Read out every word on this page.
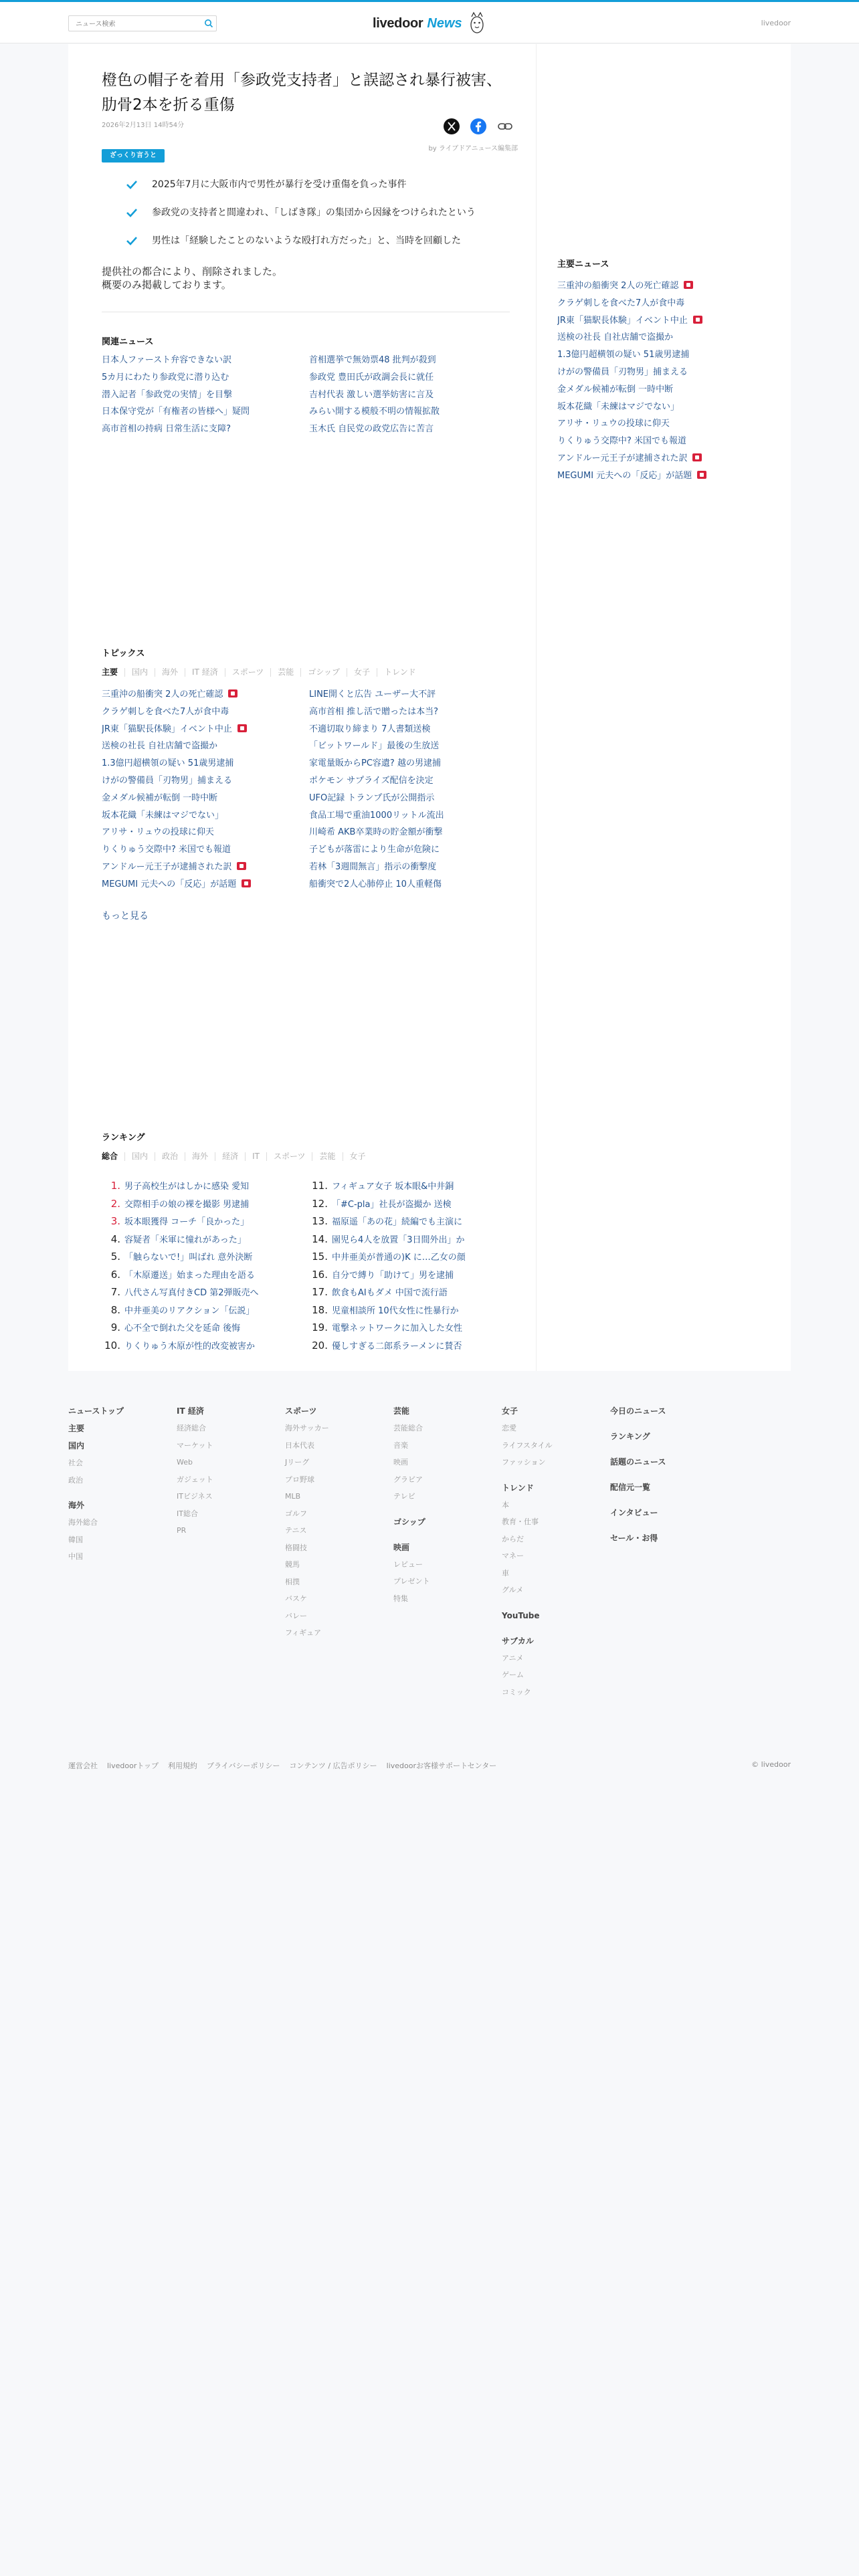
ニュース検索
livedoor News	livedoor
橙色の帽子を着用「参政党支持者」と誤認され暴行被害、肋骨2本を折る重傷
2026年2月13日 14時54分
by ライブドアニュース編集部
ざっくり言うと
2025年7月に大阪市内で男性が暴行を受け重傷を負った事件
参政党の支持者と間違われ、「しばき隊」の集団から因縁をつけられたという
男性は「経験したことのないような殴打れ方だった」と、当時を回顧した
提供社の都合により、削除されました。
概要のみ掲載しております。
関連ニュース
日本人ファースト弁容できない訳	首相選挙で無効票48 批判が殺到
5カ月にわたり参政党に潜り込む	参政党 豊田氏が政調会長に就任
潜入記者「参政党の実情」を目撃	吉村代表 激しい選挙妨害に言及
日本保守党が「有権者の皆様へ」疑問	みらい開する模般不明の情報拡散
高市首相の持病 日常生活に支障?	玉木氏 自民党の政党広告に苦言
トピックス
主要	国内	海外	IT 経済	スポーツ	芸能	ゴシップ	女子	トレンド
三重沖の船衝突 2人の死亡確認	LINE開くと広告 ユーザー大不評
クラゲ刺しを食べた7人が食中毒	高市首相 推し活で贈ったは本当?
JR東「猫駅長体験」イベント中止	不適切取り締まり 7人書類送検
送検の社長 自社店舗で盗撮か	「ビットワールド」最後の生放送
1.3億円超横領の疑い 51歳男逮捕	家電量販からPC容遺? 越の男逮捕
けがの警備員「刃物男」捕まえる	ポケモン サプライズ配信を決定
金メダル候補が転倒 一時中断	UFO記録 トランプ氏が公開指示
坂本花織「未練はマジでない」	食品工場で重油1000リットル流出
アリサ・リュウの投球に仰天	川崎希 AKB卒業時の貯金額が衝撃
りくりゅう交際中? 米国でも報道	子どもが落雷により生命が危険に
アンドルー元王子が逮捕された訳	若林「3週間無言」指示の衝撃度
MEGUMI 元夫への「反応」が話題	船衝突で2人心肺停止 10人重軽傷
もっと見る
ランキング
総合	国内	政治	海外	経済	IT	スポーツ	芸能	女子
1. 男子高校生がはしかに感染 愛知
2. 交際相手の娘の裸を撮影 男逮捕
3. 坂本眼獲得 コーチ「良かった」
4. 容疑者「米軍に憧れがあった」
5. 「触らないで!」叫ばれ 意外決断
6. 「木原遷送」始まった理由を語る
7. 八代さん写真付きCD 第2弾販売へ
8. 中井亜美のリアクション「伝説」
9. 心不全で倒れた父を延命 後悔
10. りくりゅう木原が性的改変被害か
11. フィギュア女子 坂本眼&中井銅
12. 「#C-pla」社長が盗撮か 送検
13. 福原遥「あの花」続編でも主演に
14. 園児ら4人を放置「3日間外出」か
15. 中井亜美が普通の)K に…乙女の顔
16. 自分で縛り「助けて」男を逮捕
17. 飲食もAIもダメ 中国で流行語
18. 児童相談所 10代女性に性暴行か
19. 電撃ネットワークに加入した女性
20. 優しすぎる二郎系ラーメンに賛否
主要ニュース
三重沖の船衝突 2人の死亡確認
クラゲ刺しを食べた7人が食中毒
JR東「猫駅長体験」イベント中止
送検の社長 自社店舗で盗撮か
1.3億円超横領の疑い 51歳男逮捕
けがの警備員「刃物男」捕まえる
金メダル候補が転倒 一時中断
坂本花織「未練はマジでない」
アリサ・リュウの投球に仰天
りくりゅう交際中? 米国でも報道
アンドルー元王子が逮捕された訳
MEGUMI 元夫への「反応」が話題
ニューストップ
主要
国内
社会
政治
海外
海外総合
韓国
中国
IT 経済
経済総合
マーケット
Web
ガジェット
ITビジネス
IT総合
PR
スポーツ
海外サッカー
日本代表
Jリーグ
プロ野球
MLB
ゴルフ
テニス
格闘技
競馬
相撲
バスケ
バレー
フィギュア
芸能
芸能総合
音楽
映画
グラビア
テレビ
ゴシップ
映画
レビュー
プレゼント
特集
女子
恋愛
ライフスタイル
ファッション
トレンド
本
教育・仕事
からだ
マネー
車
グルメ
YouTube
サブカル
アニメ
ゲーム
コミック
今日のニュース
ランキング
話題のニュース
配信元一覧
インタビュー
セール・お得
運営会社 livedoorトップ 利用規約 プライバシーポリシー コンテンツ / 広告ポリシー livedoorお客様サポートセンター	© livedoor
